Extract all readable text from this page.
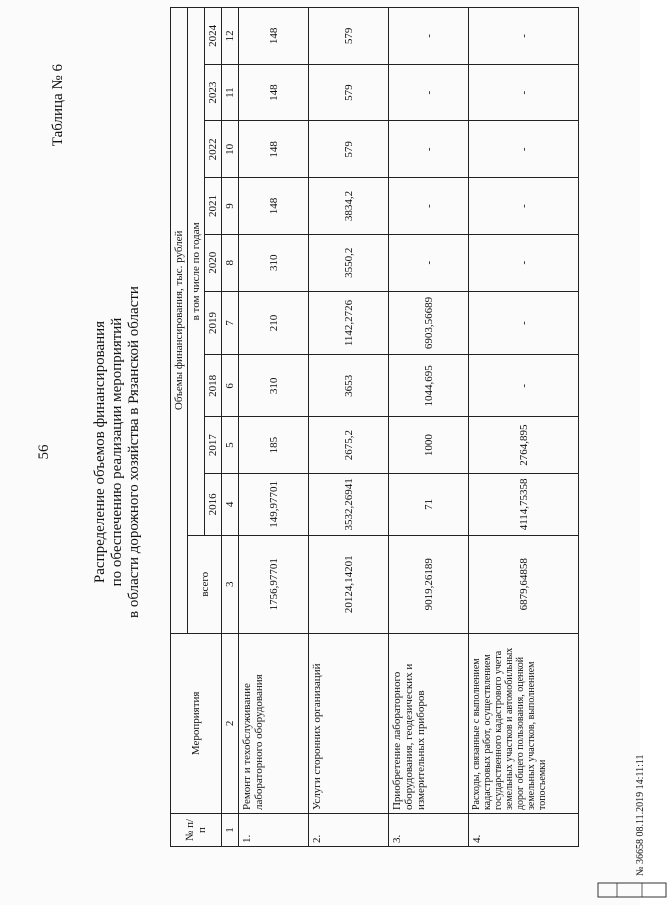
56
Таблица № 6
Распределение объемов финансирования по обеспечению реализации мероприятий в области дорожного хозяйства в Рязанской области
№ п/п	Мероприятия	Объемы финансирования, тыс. рублей									
		всего	в том числе по годам								
			2016	2017	2018	2019	2020	2021	2022	2023	2024
1	2	3	4	5	6	7	8	9	10	11	12
1.	Ремонт и техобслуживание лабораторного оборудования	1756,97701	149,97701	185	310	210	310	148	148	148	148
2.	Услуги сторонних организаций	20124,14201	3532,26941	2675,2	3653	1142,2726	3550,2	3834,2	579	579	579
3.	Приобретение лабораторного оборудования, геодезических и измерительных приборов	9019,26189	71	1000	1044,695	6903,56689	-	-	-	-	-
4.	Расходы, связанные с выполнением кадастровых работ, осуществлением государственного кадастрового учета земельных участков и автомобильных дорог общего пользования, оценкой земельных участков, выполнением топосъемки	6879,64858	4114,75358	2764,895	-	-	-	-	-	-	-
№ 36658 08.11.2019 14:11:11
